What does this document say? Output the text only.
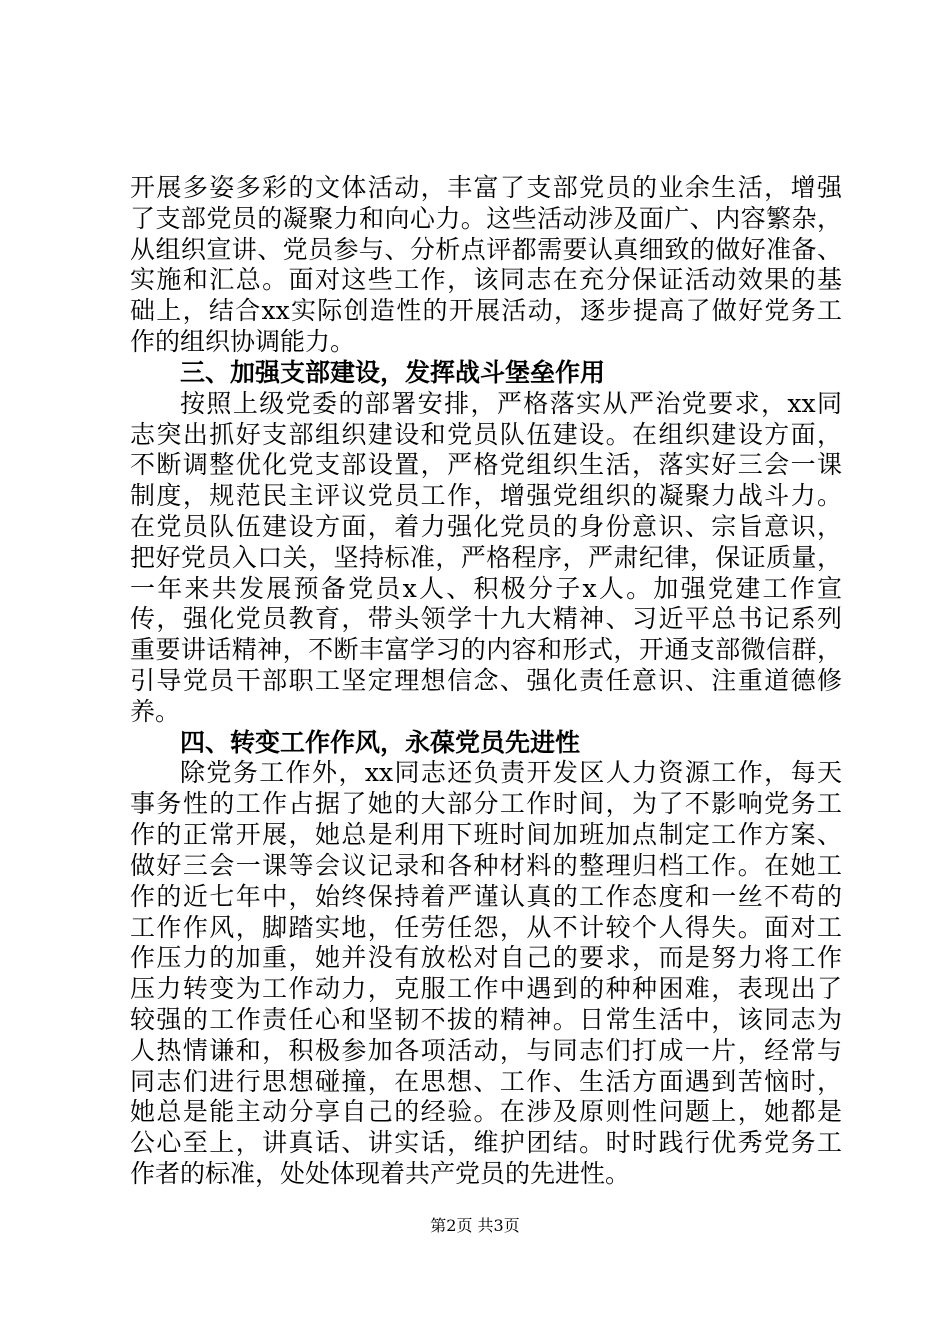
开展多姿多彩的文体活动，丰富了支部党员的业余生活，增强
了支部党员的凝聚力和向心力。这些活动涉及面广、内容繁杂，
从组织宣讲、党员参与、分析点评都需要认真细致的做好准备、
实施和汇总。面对这些工作，该同志在充分保证活动效果的基
础上，结合xx实际创造性的开展活动，逐步提高了做好党务工
作的组织协调能力。
三、加强支部建设，发挥战斗堡垒作用
按照上级党委的部署安排，严格落实从严治党要求，xx同
志突出抓好支部组织建设和党员队伍建设。在组织建设方面，
不断调整优化党支部设置，严格党组织生活，落实好三会一课
制度，规范民主评议党员工作，增强党组织的凝聚力战斗力。
在党员队伍建设方面，着力强化党员的身份意识、宗旨意识，
把好党员入口关，坚持标准，严格程序，严肃纪律，保证质量，
一年来共发展预备党员x人、积极分子x人。加强党建工作宣
传，强化党员教育，带头领学十九大精神、习近平总书记系列
重要讲话精神，不断丰富学习的内容和形式，开通支部微信群，
引导党员干部职工坚定理想信念、强化责任意识、注重道德修
养。
四、转变工作作风，永葆党员先进性
除党务工作外，xx同志还负责开发区人力资源工作，每天
事务性的工作占据了她的大部分工作时间，为了不影响党务工
作的正常开展，她总是利用下班时间加班加点制定工作方案、
做好三会一课等会议记录和各种材料的整理归档工作。在她工
作的近七年中，始终保持着严谨认真的工作态度和一丝不苟的
工作作风，脚踏实地，任劳任怨，从不计较个人得失。面对工
作压力的加重，她并没有放松对自己的要求，而是努力将工作
压力转变为工作动力，克服工作中遇到的种种困难，表现出了
较强的工作责任心和坚韧不拔的精神。日常生活中，该同志为
人热情谦和，积极参加各项活动，与同志们打成一片，经常与
同志们进行思想碰撞，在思想、工作、生活方面遇到苦恼时，
她总是能主动分享自己的经验。在涉及原则性问题上，她都是
公心至上，讲真话、讲实话，维护团结。时时践行优秀党务工
作者的标准，处处体现着共产党员的先进性。
第2页 共3页
